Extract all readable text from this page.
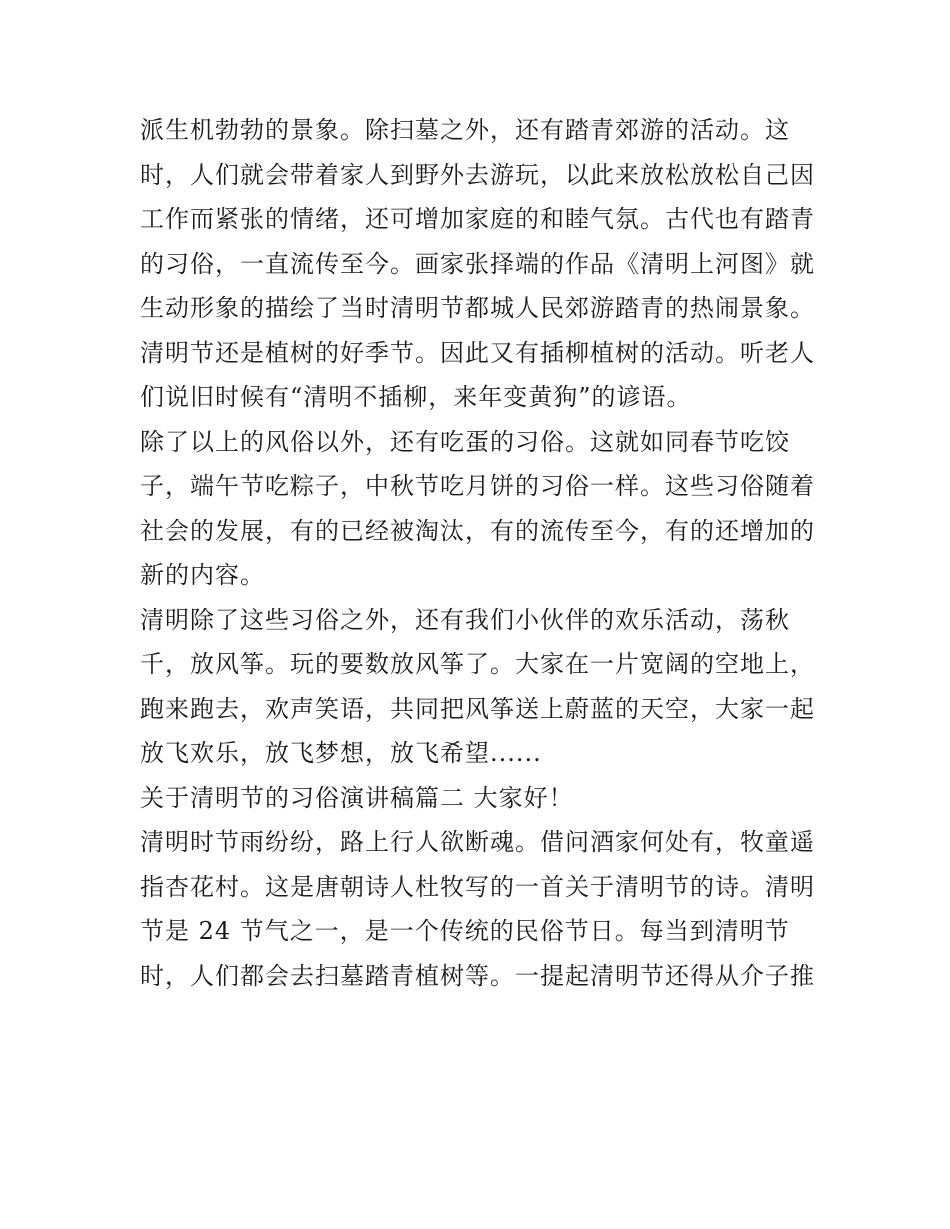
派生机勃勃的景象。除扫墓之外，还有踏青郊游的活动。这
时，人们就会带着家人到野外去游玩，以此来放松放松自己因
工作而紧张的情绪，还可增加家庭的和睦气氛。古代也有踏青
的习俗，一直流传至今。画家张择端的作品《清明上河图》就
生动形象的描绘了当时清明节都城人民郊游踏青的热闹景象。
清明节还是植树的好季节。因此又有插柳植树的活动。听老人
们说旧时候有“清明不插柳，来年变黄狗”的谚语。
除了以上的风俗以外，还有吃蛋的习俗。这就如同春节吃饺
子，端午节吃粽子，中秋节吃月饼的习俗一样。这些习俗随着
社会的发展，有的已经被淘汰，有的流传至今，有的还增加的
新的内容。
清明除了这些习俗之外，还有我们小伙伴的欢乐活动，荡秋
千，放风筝。玩的要数放风筝了。大家在一片宽阔的空地上，
跑来跑去，欢声笑语，共同把风筝送上蔚蓝的天空，大家一起
放飞欢乐，放飞梦想，放飞希望......
关于清明节的习俗演讲稿篇二 大家好！
清明时节雨纷纷，路上行人欲断魂。借问酒家何处有，牧童遥
指杏花村。这是唐朝诗人杜牧写的一首关于清明节的诗。清明
节是 24 节气之一，是一个传统的民俗节日。每当到清明节
时，人们都会去扫墓踏青植树等。一提起清明节还得从介子推
